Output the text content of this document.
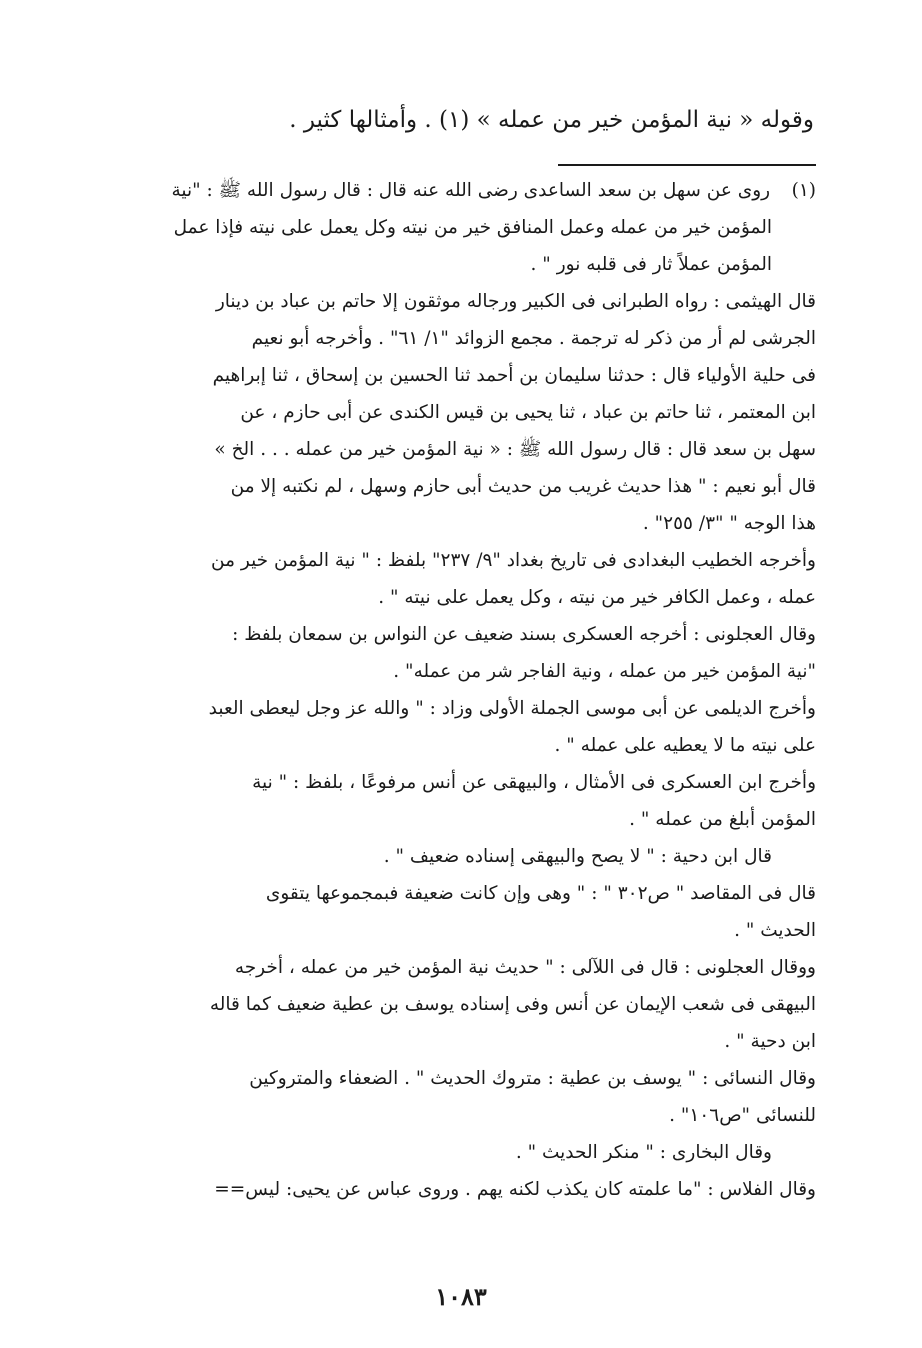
وقوله « نية المؤمن خير من عمله » (١) . وأمثالها كثير .
(١) روى عن سهل بن سعد الساعدى رضى الله عنه قال : قال رسول الله ﷺ : "نية
المؤمن خير من عمله وعمل المنافق خير من نيته وكل يعمل على نيته فإذا عمل
المؤمن عملاً ثار فى قلبه نور " .
قال الهيثمى : رواه الطبرانى فى الكبير ورجاله موثقون إلا حاتم بن عباد بن دينار
الجرشى لم أر من ذكر له ترجمة . مجمع الزوائد "١/ ٦١" . وأخرجه أبو نعيم
فى حلية الأولياء قال : حدثنا سليمان بن أحمد ثنا الحسين بن إسحاق ، ثنا إبراهيم
ابن المعتمر ، ثنا حاتم بن عباد ، ثنا يحيى بن قيس الكندى عن أبى حازم ، عن
سهل بن سعد قال : قال رسول الله ﷺ : « نية المؤمن خير من عمله . . . الخ »
قال أبو نعيم : " هذا حديث غريب من حديث أبى حازم وسهل ، لم نكتبه إلا من
هذا الوجه " "٣/ ٢٥٥" .
وأخرجه الخطيب البغدادى فى تاريخ بغداد "٩/ ٢٣٧" بلفظ : " نية المؤمن خير من
عمله ، وعمل الكافر خير من نيته ، وكل يعمل على نيته " .
وقال العجلونى : أخرجه العسكرى بسند ضعيف عن النواس بن سمعان بلفظ :
"نية المؤمن خير من عمله ، ونية الفاجر شر من عمله" .
وأخرج الديلمى عن أبى موسى الجملة الأولى وزاد : " والله عز وجل ليعطى العبد
على نيته ما لا يعطيه على عمله " .
وأخرج ابن العسكرى فى الأمثال ، والبيهقى عن أنس مرفوعًا ، بلفظ : " نية
المؤمن أبلغ من عمله " .
قال ابن دحية : " لا يصح والبيهقى إسناده ضعيف " .
قال فى المقاصد " ص٣٠٢ " : " وهى وإن كانت ضعيفة فبمجموعها يتقوى
الحديث " .
ووقال العجلونى : قال فى اللآلى : " حديث نية المؤمن خير من عمله ، أخرجه
البيهقى فى شعب الإيمان عن أنس وفى إسناده يوسف بن عطية ضعيف كما قاله
ابن دحية " .
وقال النسائى : " يوسف بن عطية : متروك الحديث " . الضعفاء والمتروكين
للنسائى "ص١٠٦" .
وقال البخارى : " منكر الحديث " .
وقال الفلاس : "ما علمته كان يكذب لكنه يهم . وروى عباس عن يحيى: ليس==
١٠٨٣
